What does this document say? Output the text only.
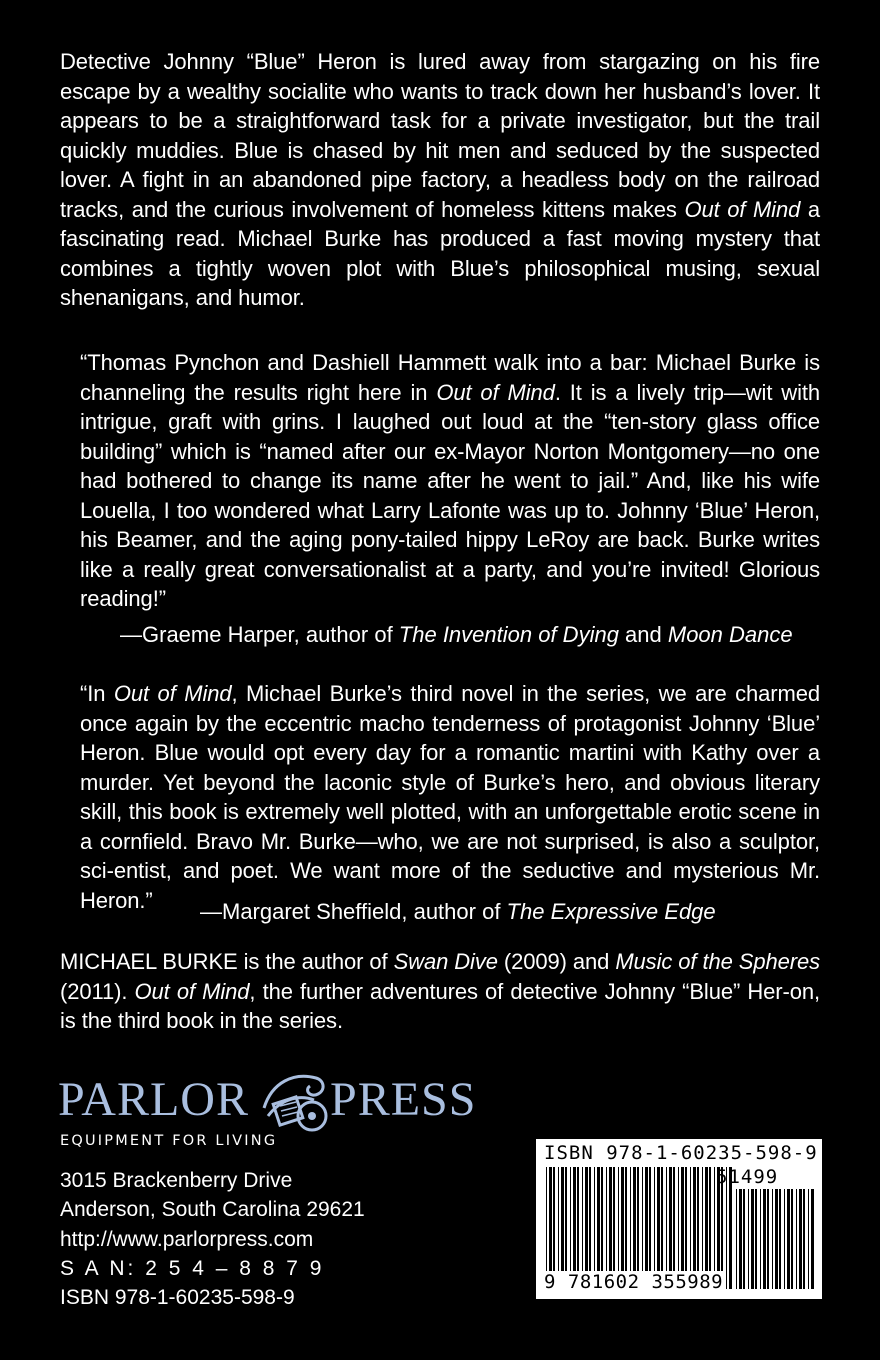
Detective Johnny “Blue” Heron is lured away from stargazing on his fire escape by a wealthy socialite who wants to track down her husband’s lover. It appears to be a straightforward task for a private investigator, but the trail quickly muddies. Blue is chased by hit men and seduced by the suspected lover. A fight in an abandoned pipe factory, a headless body on the railroad tracks, and the curious involvement of homeless kittens makes Out of Mind a fascinating read. Michael Burke has produced a fast moving mystery that combines a tightly woven plot with Blue’s philosophical musing, sexual shenanigans, and humor.
“Thomas Pynchon and Dashiell Hammett walk into a bar: Michael Burke is channeling the results right here in Out of Mind. It is a lively trip—wit with intrigue, graft with grins. I laughed out loud at the “ten-story glass office building” which is “named after our ex-Mayor Norton Montgomery—no one had bothered to change its name after he went to jail.” And, like his wife Louella, I too wondered what Larry Lafonte was up to. Johnny ‘Blue’ Heron, his Beamer, and the aging pony-tailed hippy LeRoy are back. Burke writes like a really great conversationalist at a party, and you’re invited! Glorious reading!”
—Graeme Harper, author of The Invention of Dying and Moon Dance
“In Out of Mind, Michael Burke’s third novel in the series, we are charmed once again by the eccentric macho tenderness of protagonist Johnny ‘Blue’ Heron. Blue would opt every day for a romantic martini with Kathy over a murder. Yet beyond the laconic style of Burke’s hero, and obvious literary skill, this book is extremely well plotted, with an unforgettable erotic scene in a cornfield. Bravo Mr. Burke—who, we are not surprised, is also a sculptor, sci-entist, and poet. We want more of the seductive and mysterious Mr. Heron.”	—Margaret Sheffield, author of The Expressive Edge
MICHAEL BURKE is the author of Swan Dive (2009) and Music of the Spheres (2011). Out of Mind, the further adventures of detective Johnny “Blue” Her-on, is the third book in the series.
PARLOR PRESS
EQUIPMENT FOR LIVING
3015 Brackenberry Drive
Anderson, South Carolina 29621
http://www.parlorpress.com
S A N: 2 5 4 – 8 8 7 9
ISBN 978-1-60235-598-9
ISBN 978-1-60235-598-9
51499
9 781602 355989
